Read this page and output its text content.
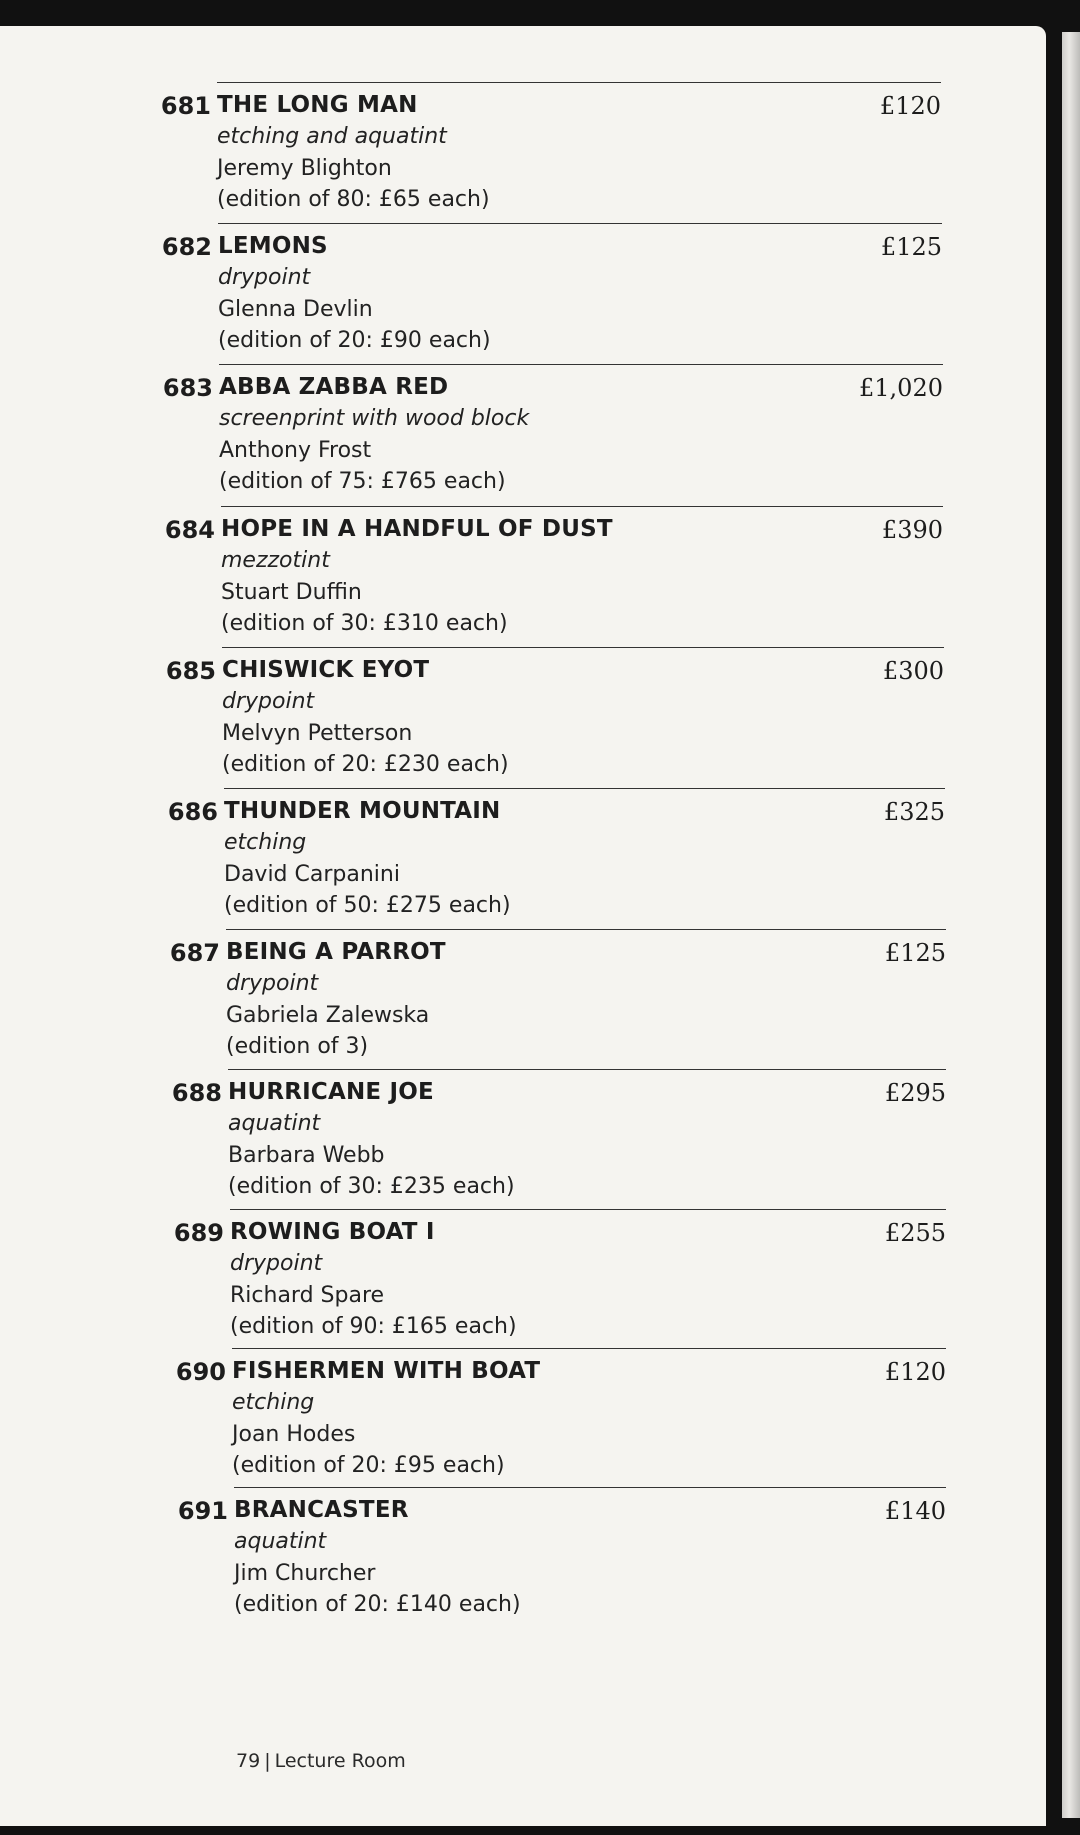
681 THE LONG MAN	£120
etching and aquatint
Jeremy Blighton
(edition of 80: £65 each)
682 LEMONS	£125
drypoint
Glenna Devlin
(edition of 20: £90 each)
683 ABBA ZABBA RED	£1,020
screenprint with wood block
Anthony Frost
(edition of 75: £765 each)
684 HOPE IN A HANDFUL OF DUST	£390
mezzotint
Stuart Duffin
(edition of 30: £310 each)
685 CHISWICK EYOT	£300
drypoint
Melvyn Petterson
(edition of 20: £230 each)
686 THUNDER MOUNTAIN	£325
etching
David Carpanini
(edition of 50: £275 each)
687 BEING A PARROT	£125
drypoint
Gabriela Zalewska
(edition of 3)
688 HURRICANE JOE	£295
aquatint
Barbara Webb
(edition of 30: £235 each)
689 ROWING BOAT I	£255
drypoint
Richard Spare
(edition of 90: £165 each)
690 FISHERMEN WITH BOAT	£120
etching
Joan Hodes
(edition of 20: £95 each)
691 BRANCASTER	£140
aquatint
Jim Churcher
(edition of 20: £140 each)
79 | Lecture Room
